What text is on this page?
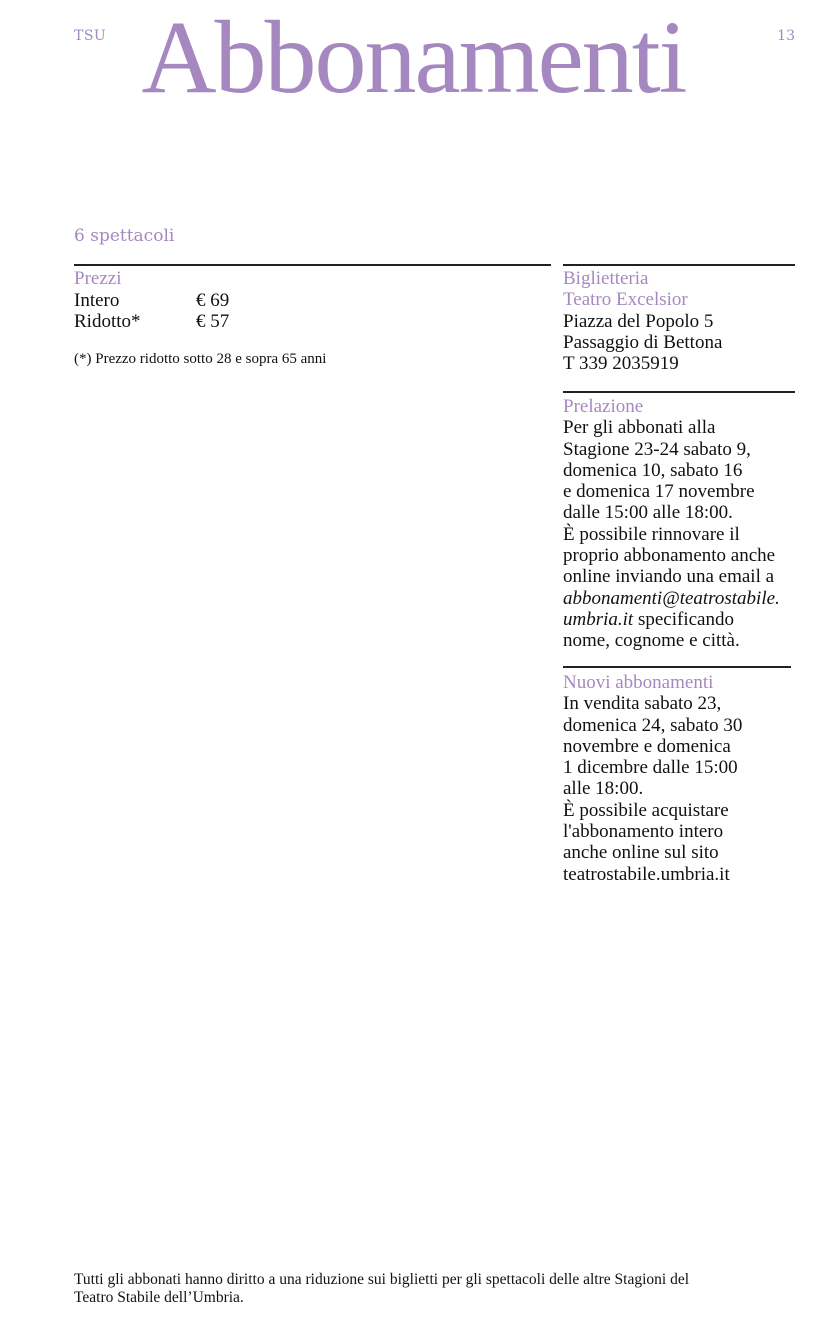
TSU Abbonamenti	13
6 spettacoli
Prezzi
Intero	€ 69
Ridotto*	€ 57
(*) Prezzo ridotto sotto 28 e sopra 65 anni

Biglietteria

Teatro Excelsior

Piazza del Popolo 5

Passaggio di Bettona

T 339 2035919

Prelazione

Per gli abbonati alla

Stagione 23-24 sabato 9,

domenica 10, sabato 16

e domenica 17 novembre

dalle 15:00 alle 18:00.

È possibile rinnovare il

proprio abbonamento anche

online inviando una email a

abbonamenti@teatrostabile.

umbria.it specificando

nome, cognome e città.

Nuovi abbonamenti

In vendita sabato 23,

domenica 24, sabato 30

novembre e domenica

1 dicembre dalle 15:00

alle 18:00.

È possibile acquistare

l'abbonamento intero

anche online sul sito

teatrostabile.umbria.it

Tutti gli abbonati hanno diritto a una riduzione sui biglietti per gli spettacoli delle altre Stagioni del
Teatro Stabile dell’Umbria.
